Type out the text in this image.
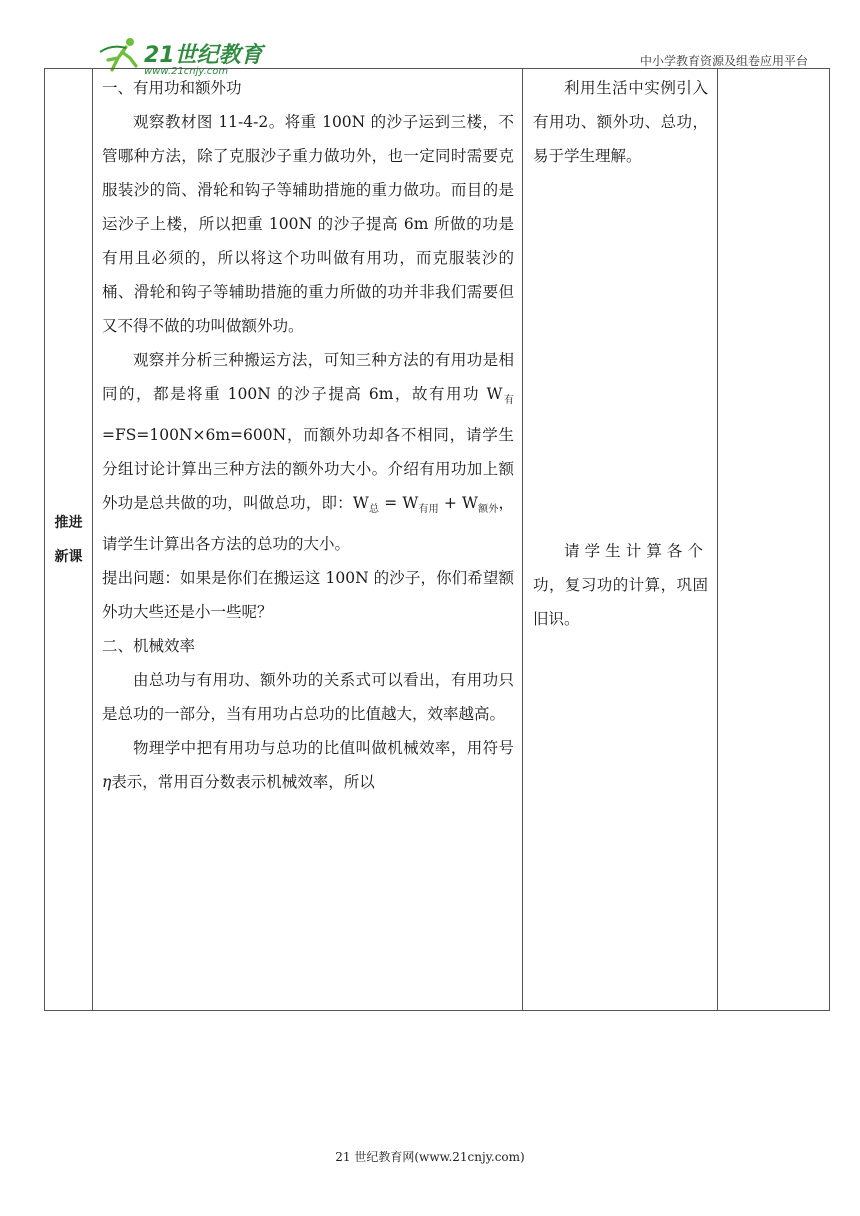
21世纪教育
www.21cnjy.com
中小学教育资源及组卷应用平台
推进新课	

一、有用功和额外功

观察教材图 11-4-2。将重 100N 的沙子运到三楼，不管哪种方法，除了克服沙子重力做功外，也一定同时需要克服装沙的筒、滑轮和钩子等辅助措施的重力做功。而目的是运沙子上楼，所以把重 100N 的沙子提高 6m 所做的功是有用且必须的，所以将这个功叫做有用功，而克服装沙的桶、滑轮和钩子等辅助措施的重力所做的功并非我们需要但又不得不做的功叫做额外功。

观察并分析三种搬运方法，可知三种方法的有用功是相同的，都是将重 100N 的沙子提高 6m，故有用功 $W_有 =FS=100N\times 6m=600N$，而额外功却各不相同，请学生分组讨论计算出三种方法的额外功大小。介绍有用功加上额外功是总共做的功，叫做总功，即：$W_总 = W_{有用} + W_{额外}$，请学生计算出各方法的总功的大小。

提出问题：如果是你们在搬运这 100N 的沙子，你们希望额外功大些还是小一些呢？

二、机械效率

由总功与有用功、额外功的关系式可以看出，有用功只是总功的一部分，当有用功占总功的比值越大，效率越高。

物理学中把有用功与总功的比值叫做机械效率，用符号η表示，常用百分数表示机械效率，所以

利用生活中实例引入有用功、额外功、总功，易于学生理解。

请学生计算各个功，复习功的计算，巩固旧识。

21 世纪教育网(www.21cnjy.com)
